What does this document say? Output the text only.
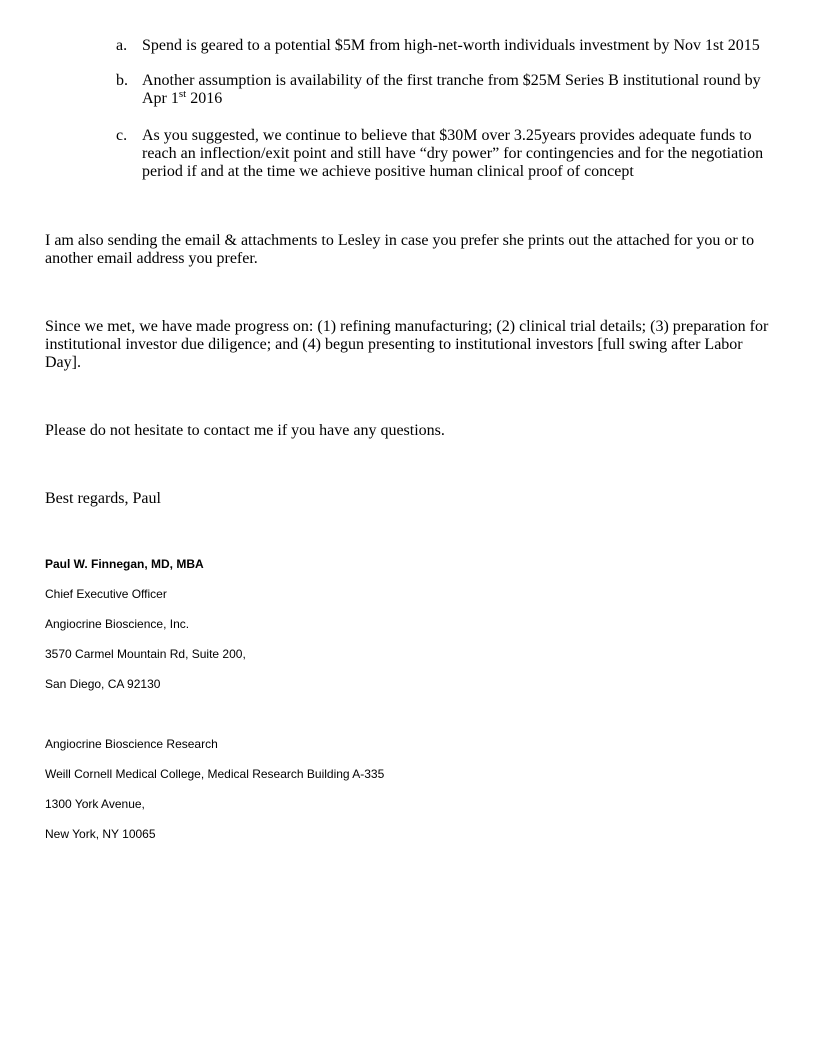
a. Spend is geared to a potential $5M from high-net-worth individuals investment by Nov 1st 2015
b. Another assumption is availability of the first tranche from $25M Series B institutional round by Apr 1st 2016
c. As you suggested, we continue to believe that $30M over 3.25years provides adequate funds to reach an inflection/exit point and still have “dry power” for contingencies and for the negotiation period if and at the time we achieve positive human clinical proof of concept

I am also sending the email & attachments to Lesley in case you prefer she prints out the attached for you or to another email address you prefer.

Since we met, we have made progress on: (1) refining manufacturing; (2) clinical trial details; (3) preparation for institutional investor due diligence; and (4) begun presenting to institutional investors [full swing after Labor Day].

Please do not hesitate to contact me if you have any questions.

Best regards, Paul

Paul W. Finnegan, MD, MBA

Chief Executive Officer

Angiocrine Bioscience, Inc.

3570 Carmel Mountain Rd, Suite 200,

San Diego, CA 92130

Angiocrine Bioscience Research

Weill Cornell Medical College, Medical Research Building A-335

1300 York Avenue,

New York, NY 10065
